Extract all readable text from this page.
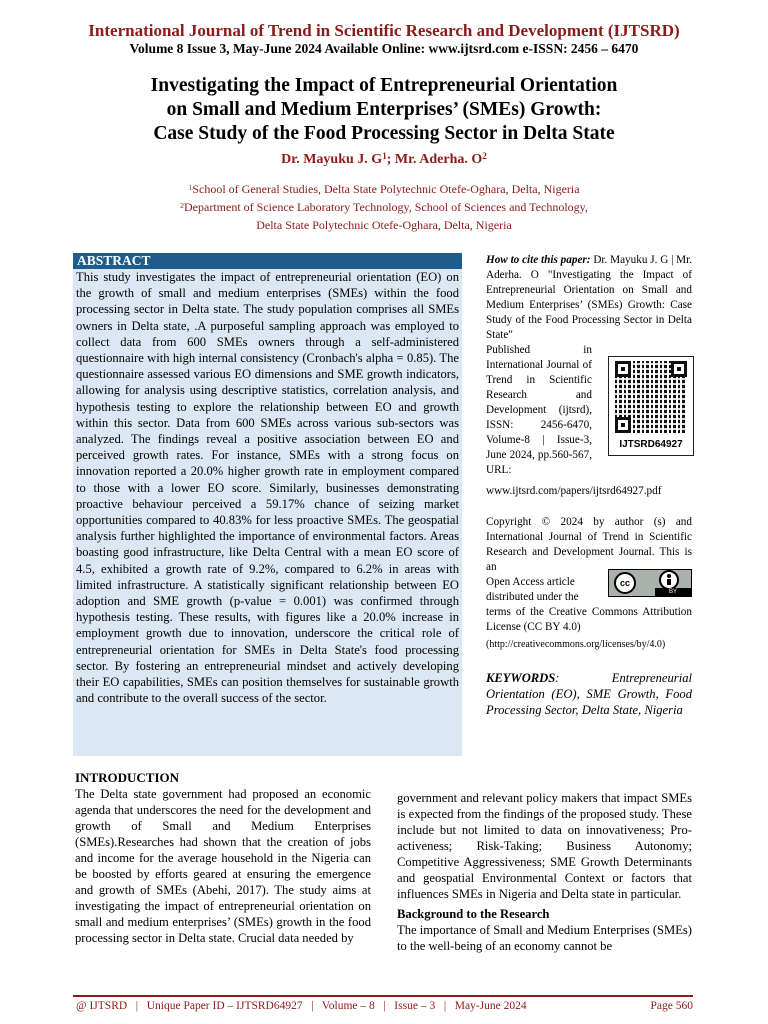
International Journal of Trend in Scientific Research and Development (IJTSRD)
Volume 8 Issue 3, May-June 2024 Available Online: www.ijtsrd.com e-ISSN: 2456 – 6470
Investigating the Impact of Entrepreneurial Orientation
on Small and Medium Enterprises’ (SMEs) Growth:
Case Study of the Food Processing Sector in Delta State
Dr. Mayuku J. $G^1$; Mr. Aderha. $O^2$
$^1$School of General Studies, Delta State Polytechnic Otefe-Oghara, Delta, Nigeria
$^2$Department of Science Laboratory Technology, School of Sciences and Technology,
Delta State Polytechnic Otefe-Oghara, Delta, Nigeria
ABSTRACT
This study investigates the impact of entrepreneurial orientation (EO) on the growth of small and medium enterprises (SMEs) within the food processing sector in Delta state. The study population comprises all SMEs owners in Delta state, .A purposeful sampling approach was employed to collect data from 600 SMEs owners through a self-administered questionnaire with high internal consistency (Cronbach's alpha = 0.85). The questionnaire assessed various EO dimensions and SME growth indicators, allowing for analysis using descriptive statistics, correlation analysis, and hypothesis testing to explore the relationship between EO and growth within this sector. Data from 600 SMEs across various sub-sectors was analyzed. The findings reveal a positive association between EO and perceived growth rates. For instance, SMEs with a strong focus on innovation reported a 20.0% higher growth rate in employment compared to those with a lower EO score. Similarly, businesses demonstrating proactive behaviour perceived a 59.17% chance of seizing market opportunities compared to 40.83% for less proactive SMEs. The geospatial analysis further highlighted the importance of environmental factors. Areas boasting good infrastructure, like Delta Central with a mean EO score of 4.5, exhibited a growth rate of 9.2%, compared to 6.2% in areas with limited infrastructure. A statistically significant relationship between EO adoption and SME growth (p-value = 0.001) was confirmed through hypothesis testing. These results, with figures like a 20.0% increase in employment growth due to innovation, underscore the critical role of entrepreneurial orientation for SMEs in Delta State's food processing sector. By fostering an entrepreneurial mindset and actively developing their EO capabilities, SMEs can position themselves for sustainable growth and contribute to the overall success of the sector.
How to cite this paper: Dr. Mayuku J. G | Mr. Aderha. O "Investigating the Impact of Entrepreneurial Orientation on Small and Medium Enterprises’ (SMEs) Growth: Case Study of the Food Processing Sector in Delta State"
Published in International Journal of Trend in Scientific Research and Development (ijtsrd), ISSN: 2456-6470, Volume-8 | Issue-3, June 2024, pp.560-567, URL:
www.ijtsrd.com/papers/ijtsrd64927.pdf
IJTSRD64927
Copyright © 2024 by author (s) and International Journal of Trend in Scientific Research and Development Journal. This is an
Open Access article distributed under the
cc
BY
terms of the Creative Commons Attribution License (CC BY 4.0)
(http://creativecommons.org/licenses/by/4.0)
KEYWORDS:	Entrepreneurial Orientation (EO), SME Growth, Food Processing Sector, Delta State, Nigeria
INTRODUCTION
The Delta state government had proposed an economic agenda that underscores the need for the development and growth of Small and Medium Enterprises (SMEs).Researches had shown that the creation of jobs and income for the average household in the Nigeria can be boosted by efforts geared at ensuring the emergence and growth of SMEs (Abehi, 2017). The study aims at investigating the impact of entrepreneurial orientation on small and medium enterprises’ (SMEs) growth in the food processing sector in Delta state. Crucial data needed by
government and relevant policy makers that impact SMEs is expected from the findings of the proposed study. These include but not limited to data on innovativeness; Pro-activeness; Risk-Taking; Business Autonomy; Competitive Aggressiveness; SME Growth Determinants and geospatial Environmental Context or factors that influences SMEs in Nigeria and Delta state in particular.
Background to the Research
The importance of Small and Medium Enterprises (SMEs) to the well-being of an economy cannot be
@ IJTSRD   |   Unique Paper ID – IJTSRD64927   |   Volume – 8   |   Issue – 3   |   May-June 2024	Page 560
